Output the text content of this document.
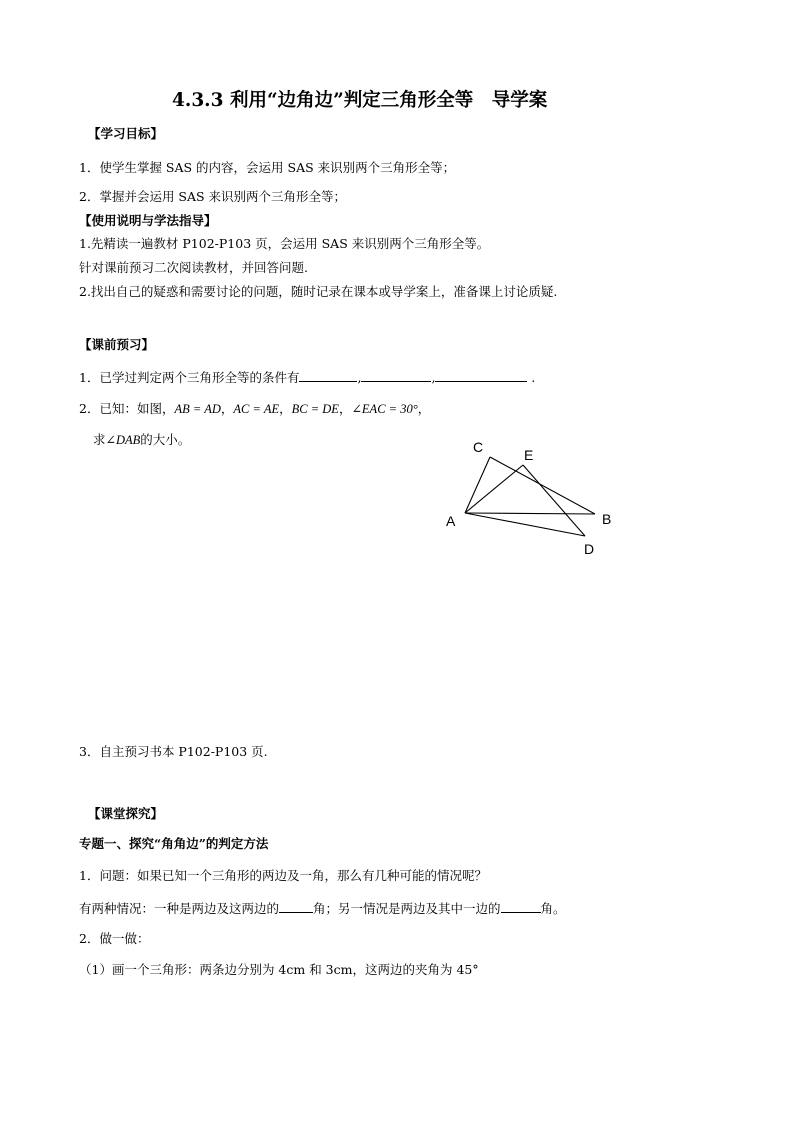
4.3.3 利用“边角边”判定三角形全等　导学案
【学习目标】
1．使学生掌握 SAS 的内容，会运用 SAS 来识别两个三角形全等；
2．掌握并会运用 SAS 来识别两个三角形全等；
【使用说明与学法指导】
1.先精读一遍教材 P102-P103 页，会运用 SAS 来识别两个三角形全等。
针对课前预习二次阅读教材，并回答问题.
2.找出自己的疑惑和需要讨论的问题，随时记录在课本或导学案上，准备课上讨论质疑.
【课前预习】
1．已学过判定两个三角形全等的条件有	,	,	.
2．已知：如图，AB = AD，AC = AE，BC = DE，∠EAC = 30°，
求∠DAB的大小。	C	E
A	B
D
3．自主预习书本 P102-P103 页.
【课堂探究】
专题一、探究“角角边”的判定方法
1．问题：如果已知一个三角形的两边及一角，那么有几种可能的情况呢？
有两种情况：一种是两边及这两边的	角；另一情况是两边及其中一边的	角。
2．做一做：
（1）画一个三角形：两条边分别为 4cm 和 3cm，这两边的夹角为 45°
